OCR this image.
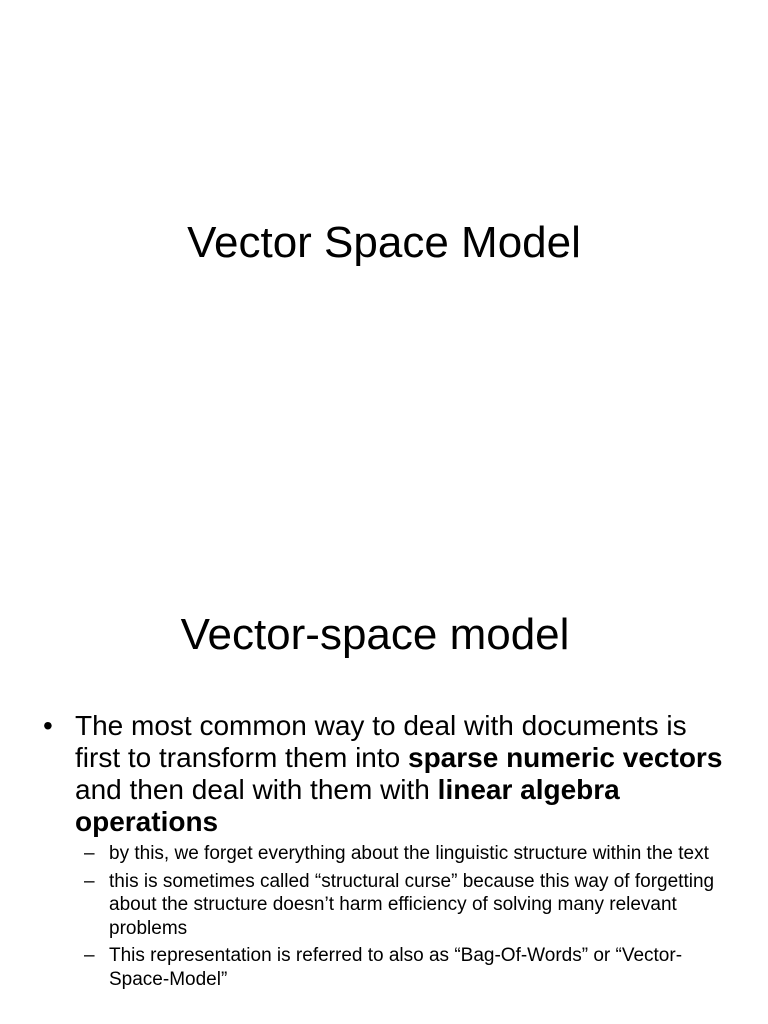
Vector Space Model
Vector-space model
• The most common way to deal with documents is first to transform them into sparse numeric vectors and then deal with them with linear algebra operations
– by this, we forget everything about the linguistic structure within the text
– this is sometimes called “structural curse” because this way of forgetting about the structure doesn’t harm efficiency of solving many relevant problems
– This representation is referred to also as “Bag-Of-Words” or “Vector-Space-Model”
